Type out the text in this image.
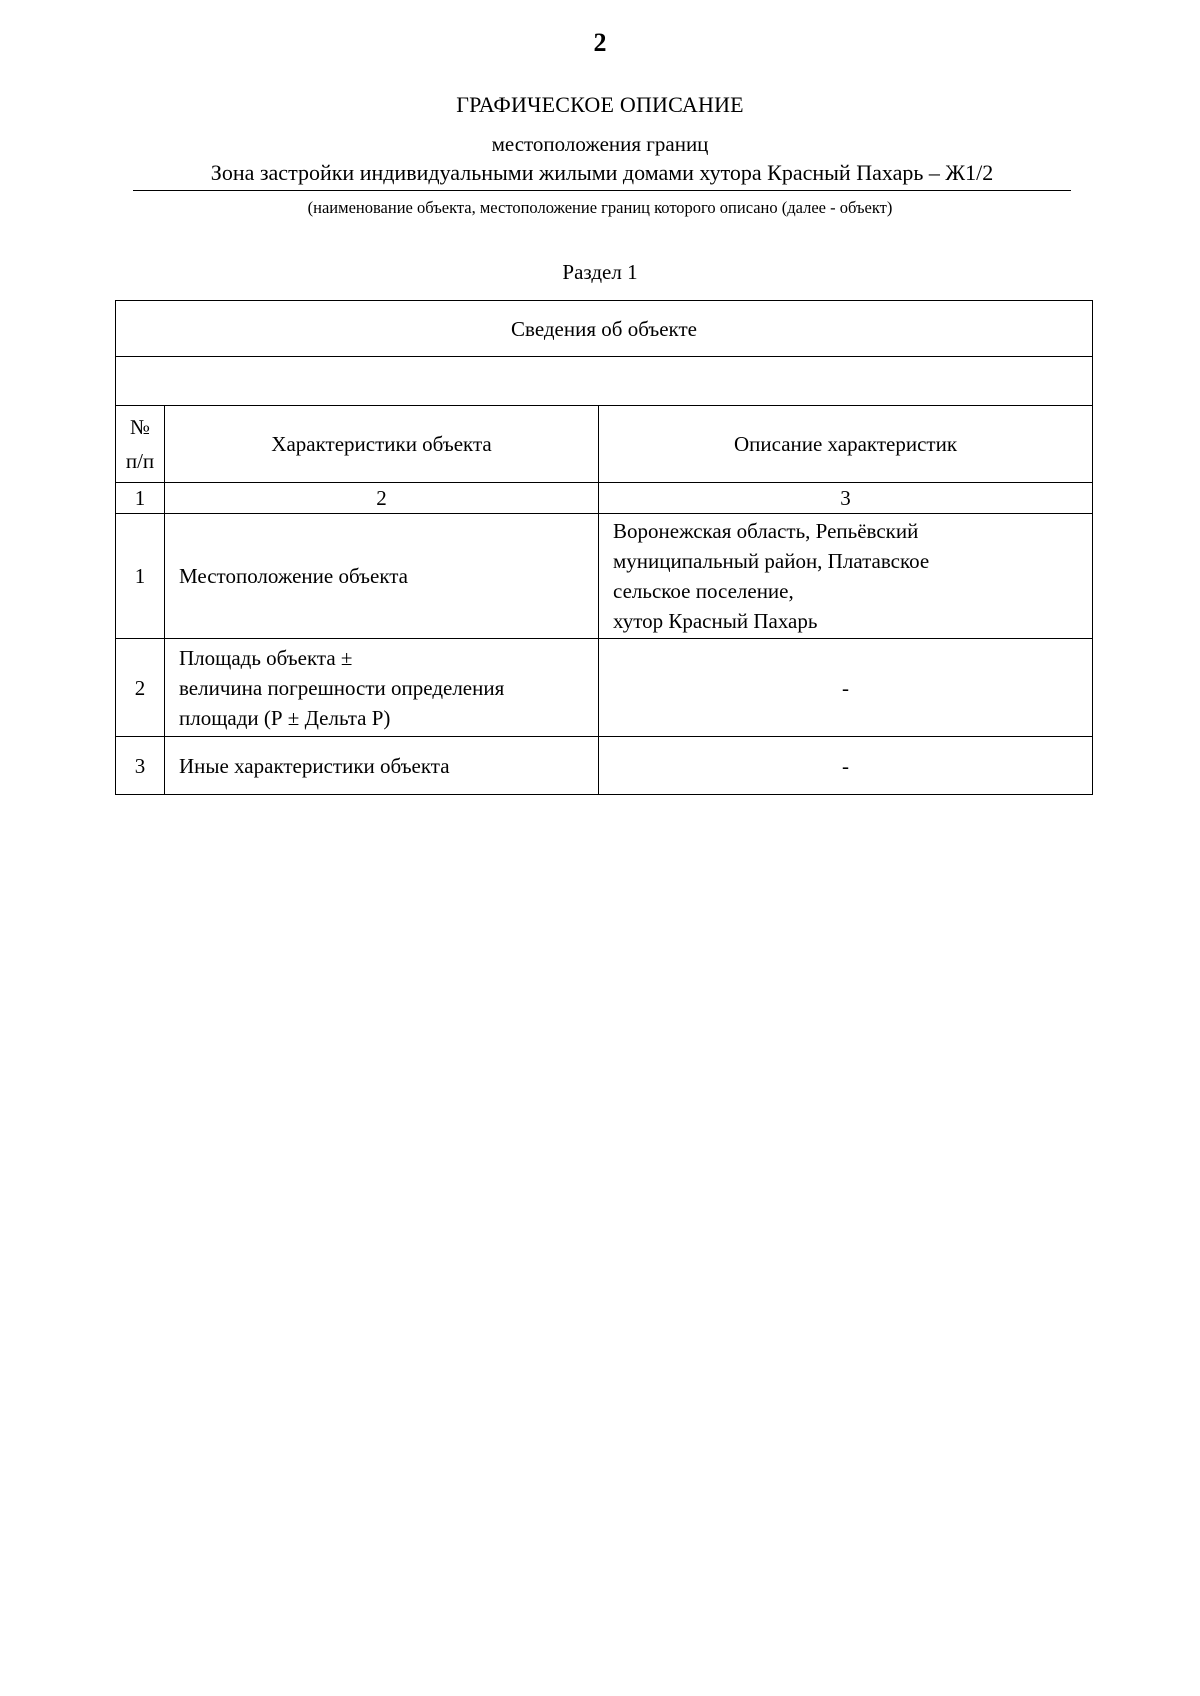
2
ГРАФИЧЕСКОЕ ОПИСАНИЕ
местоположения границ
Зона застройки индивидуальными жилыми домами хутора Красный Пахарь – Ж1/2
(наименование объекта, местоположение границ которого описано (далее - объект)
Раздел 1
Сведения об объекте		

№
п/п	Характеристики объекта	Описание характеристик
1	2	3
1	Местоположение объекта	Воронежская область, Репьёвский
муниципальный район, Платавское
сельское поселение,
хутор Красный Пахарь

2	Площадь объекта ±
величина погрешности определения
площади (Р ± Дельта Р)	-

3	Иные характеристики объекта	-
